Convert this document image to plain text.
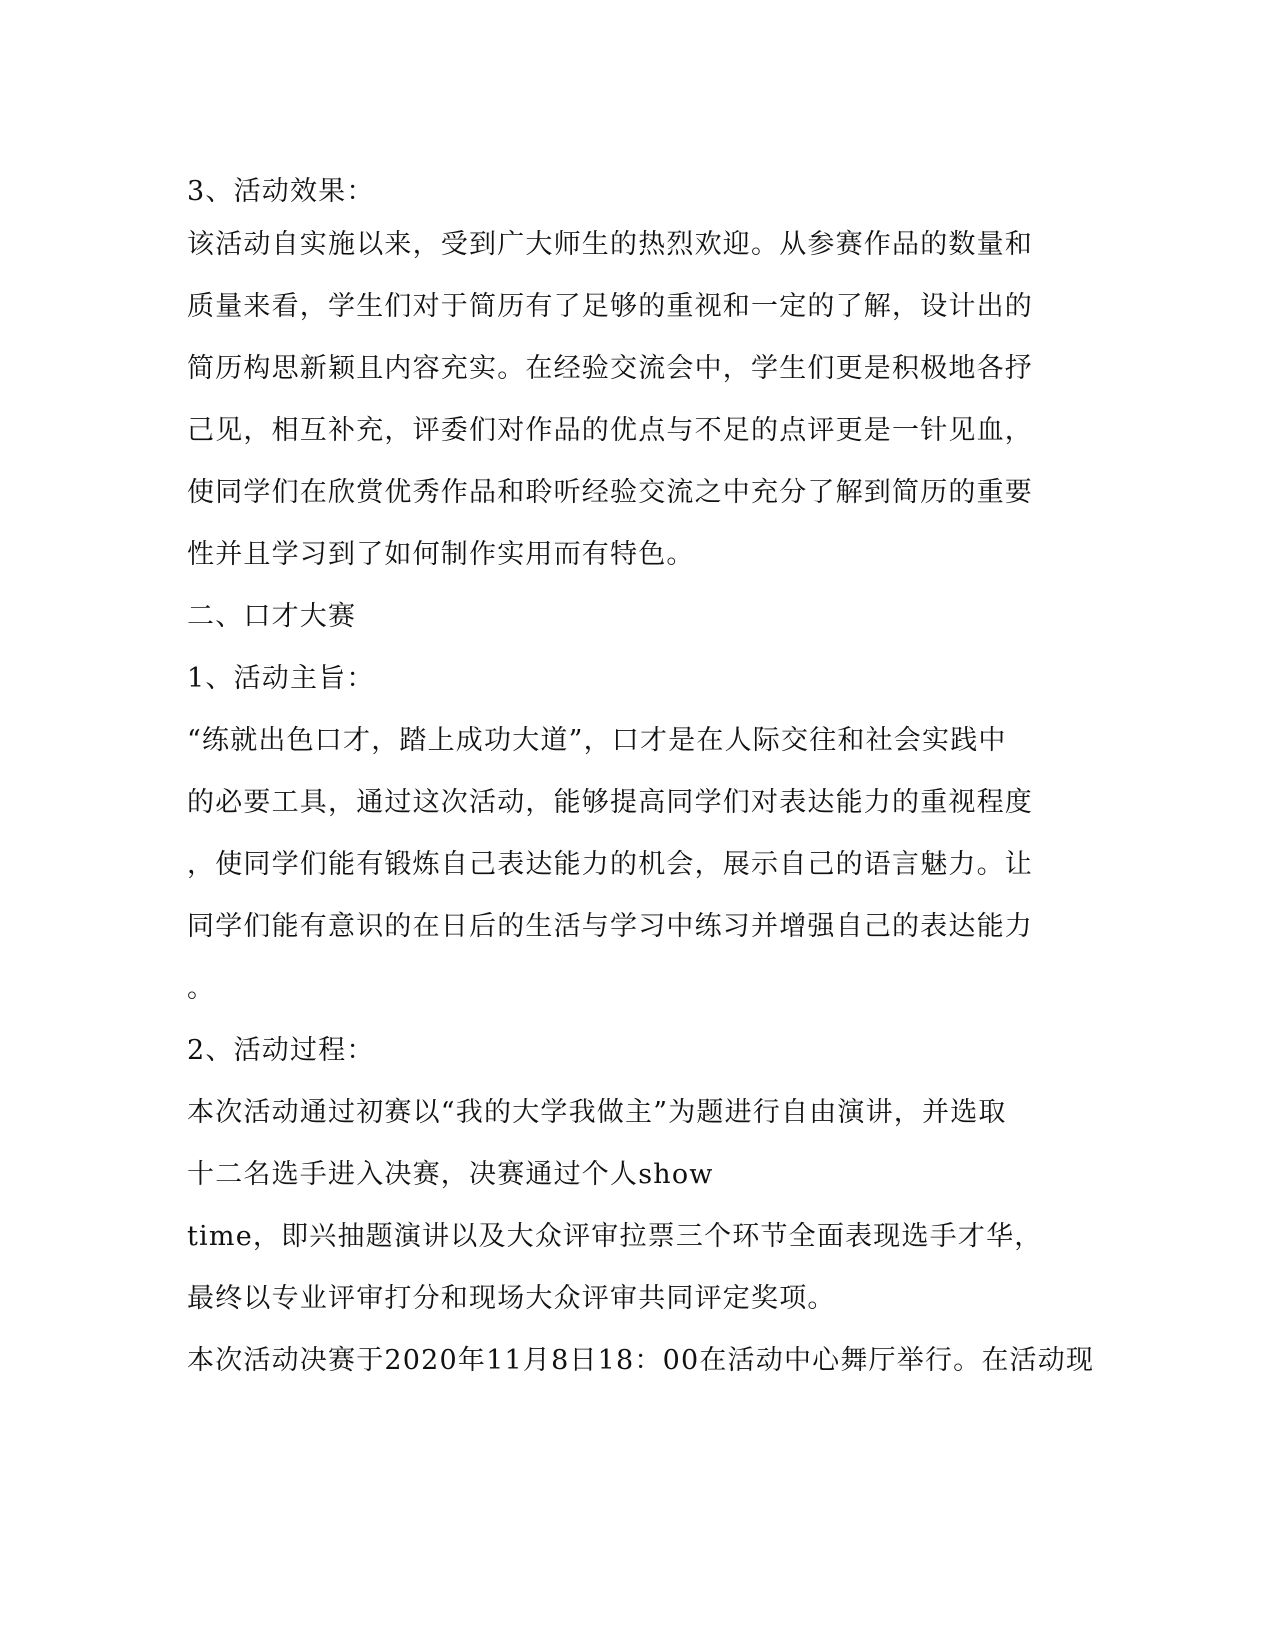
3、活动效果：
该活动自实施以来，受到广大师生的热烈欢迎。从参赛作品的数量和
质量来看，学生们对于简历有了足够的重视和一定的了解，设计出的
简历构思新颖且内容充实。在经验交流会中，学生们更是积极地各抒
己见，相互补充，评委们对作品的优点与不足的点评更是一针见血，
使同学们在欣赏优秀作品和聆听经验交流之中充分了解到简历的重要
性并且学习到了如何制作实用而有特色。
二、口才大赛
1、活动主旨：
“练就出色口才，踏上成功大道”，口才是在人际交往和社会实践中
的必要工具，通过这次活动，能够提高同学们对表达能力的重视程度
，使同学们能有锻炼自己表达能力的机会，展示自己的语言魅力。让
同学们能有意识的在日后的生活与学习中练习并增强自己的表达能力
。
2、活动过程：
本次活动通过初赛以“我的大学我做主”为题进行自由演讲，并选取
十二名选手进入决赛，决赛通过个人show
time，即兴抽题演讲以及大众评审拉票三个环节全面表现选手才华，
最终以专业评审打分和现场大众评审共同评定奖项。
本次活动决赛于2020年11月8日18：00在活动中心舞厅举行。在活动现
